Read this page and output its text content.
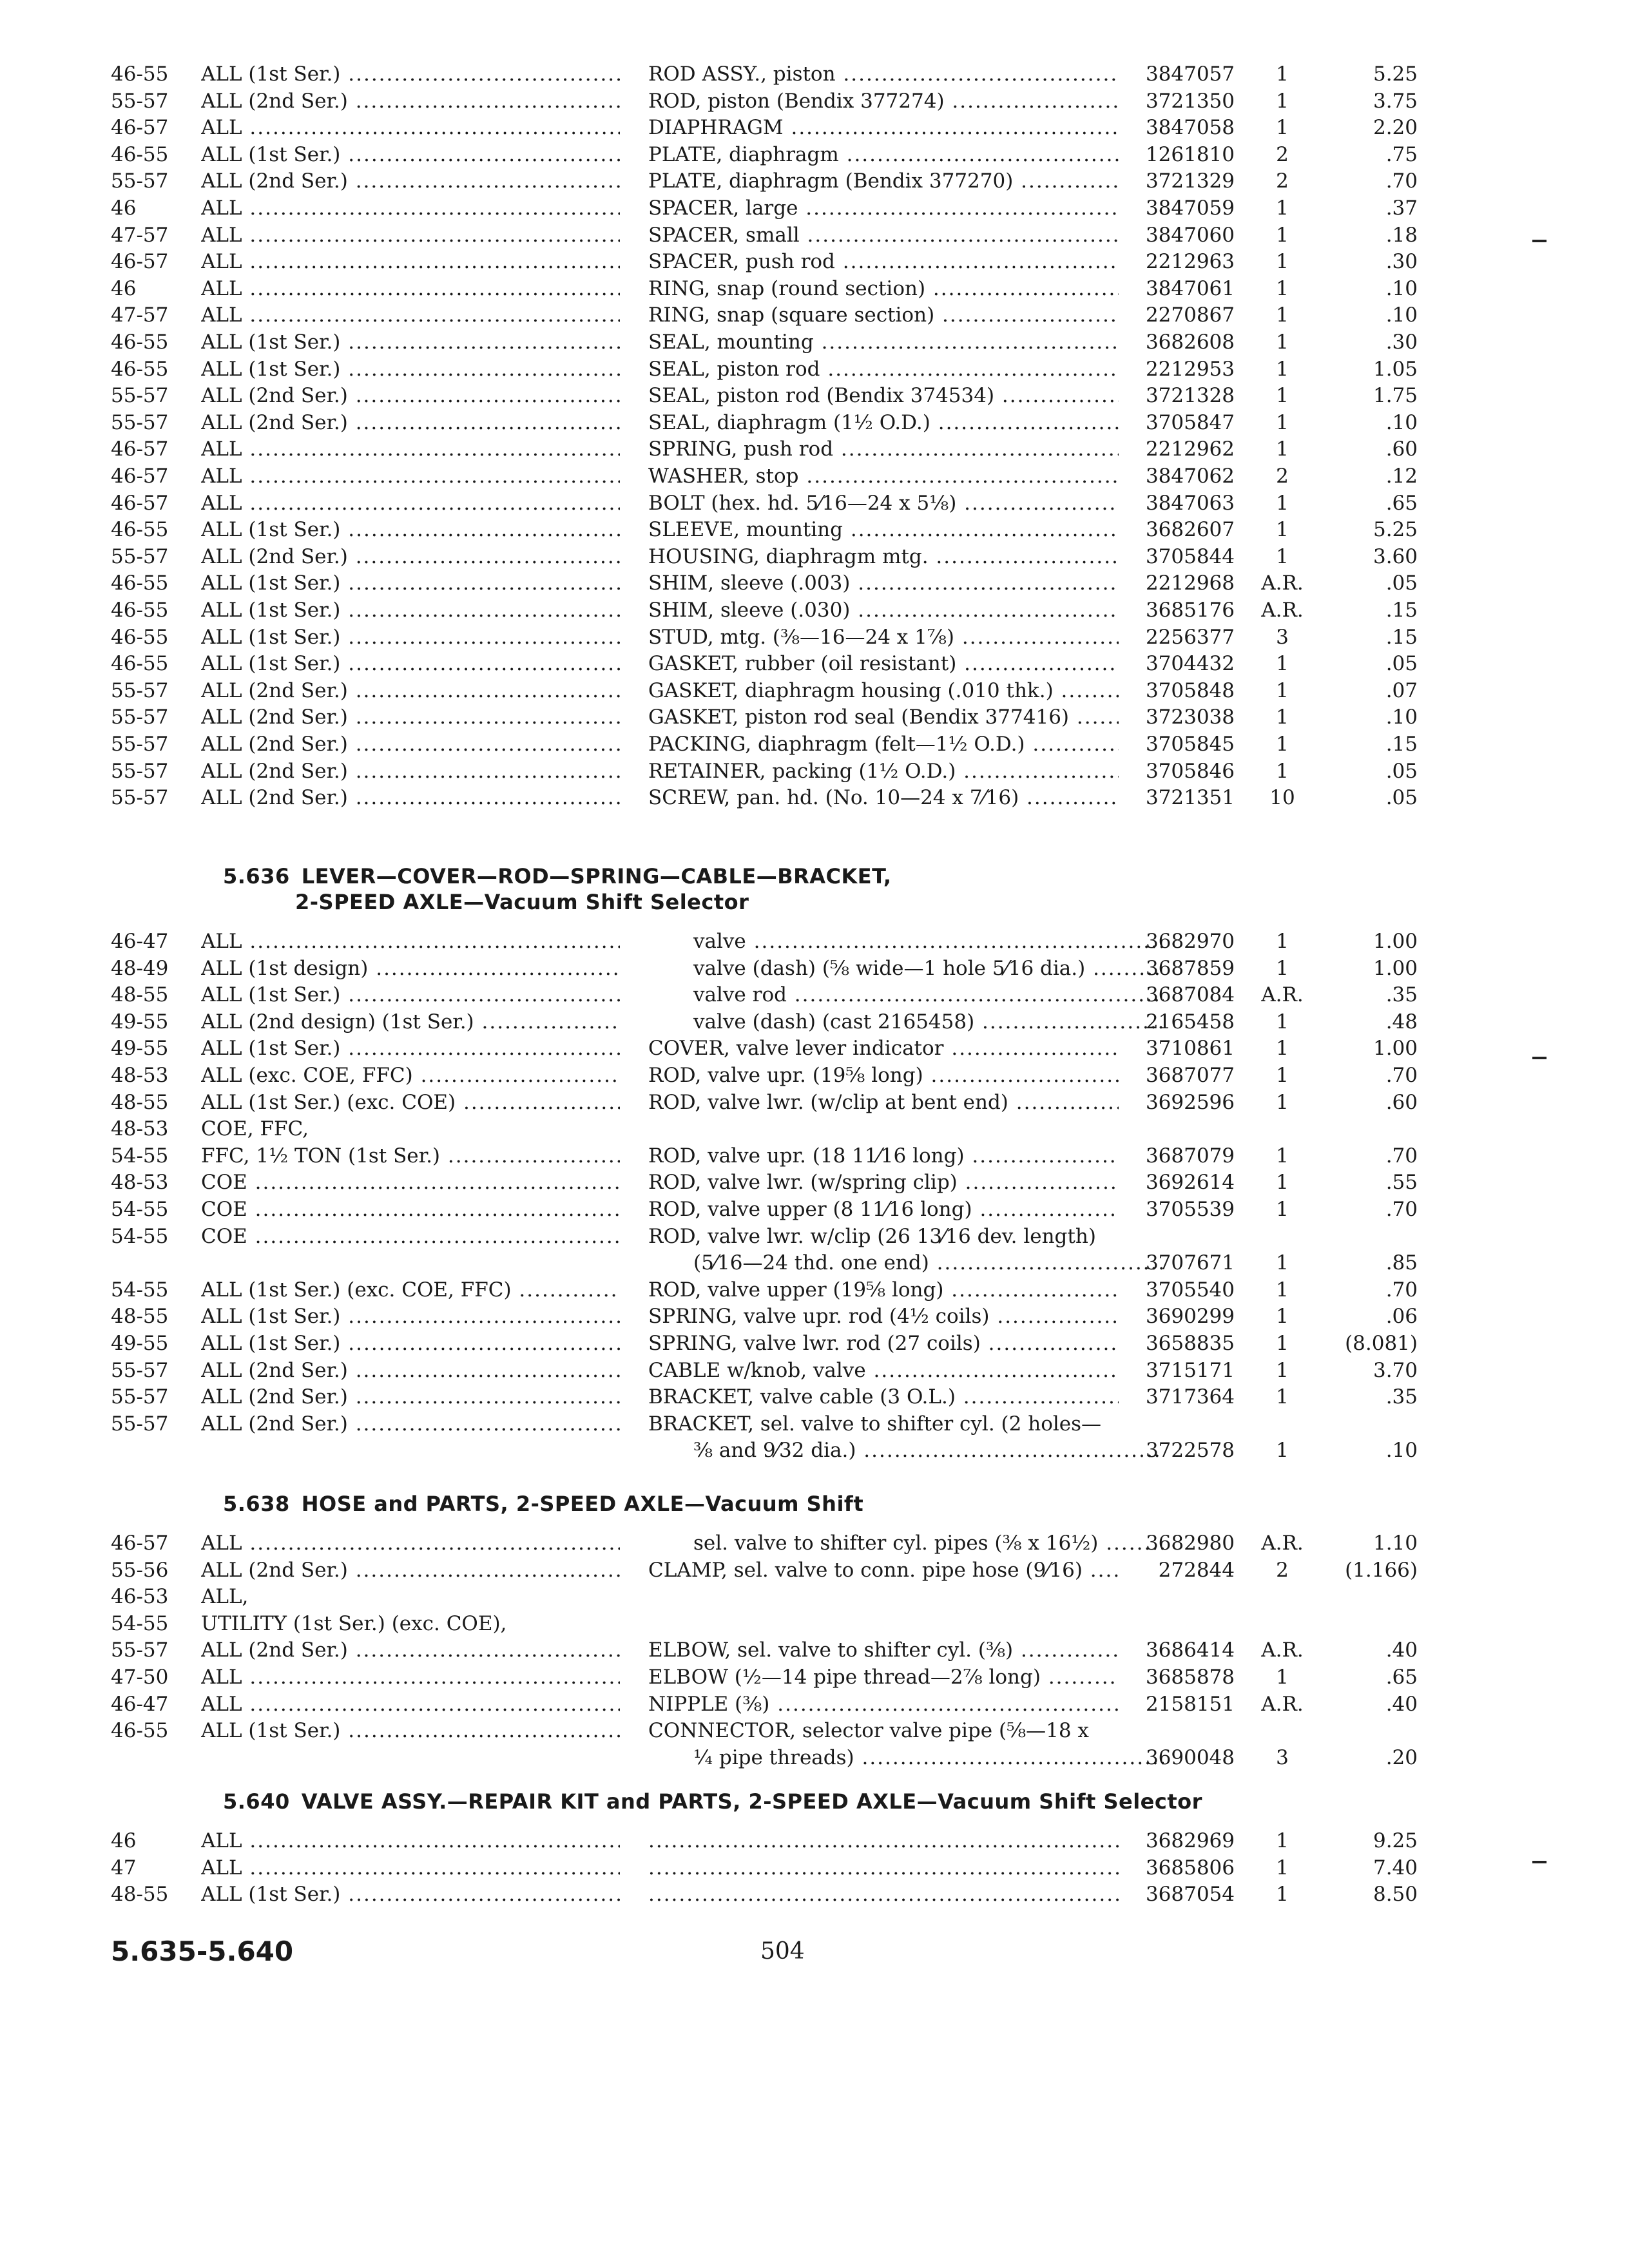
46-55	ALL (1st Ser.) .....	ROD ASSY., piston .....	3847057	1	5.25
55-57	ALL (2nd Ser.) .....	ROD, piston (Bendix 377274) .....	3721350	1	3.75
46-57	ALL .....	DIAPHRAGM .....	3847058	1	2.20
46-55	ALL (1st Ser.) .....	PLATE, diaphragm .....	1261810	2	.75
55-57	ALL (2nd Ser.) .....	PLATE, diaphragm (Bendix 377270) .....	3721329	2	.70
46	ALL .....	SPACER, large .....	3847059	1	.37
47-57	ALL .....	SPACER, small .....	3847060	1	.18
46-57	ALL .....	SPACER, push rod .....	2212963	1	.30
46	ALL .....	RING, snap (round section) .....	3847061	1	.10
47-57	ALL .....	RING, snap (square section) .....	2270867	1	.10
46-55	ALL (1st Ser.) .....	SEAL, mounting .....	3682608	1	.30
46-55	ALL (1st Ser.) .....	SEAL, piston rod .....	2212953	1	1.05
55-57	ALL (2nd Ser.) .....	SEAL, piston rod (Bendix 374534) .....	3721328	1	1.75
55-57	ALL (2nd Ser.) .....	SEAL, diaphragm (1½ O.D.) .....	3705847	1	.10
46-57	ALL .....	SPRING, push rod .....	2212962	1	.60
46-57	ALL .....	WASHER, stop .....	3847062	2	.12
46-57	ALL .....	BOLT (hex. hd. 5⁄16—24 x 5⅛) .....	3847063	1	.65
46-55	ALL (1st Ser.) .....	SLEEVE, mounting .....	3682607	1	5.25
55-57	ALL (2nd Ser.) .....	HOUSING, diaphragm mtg. .....	3705844	1	3.60
46-55	ALL (1st Ser.) .....	SHIM, sleeve (.003) .....	2212968	A.R.	.05
46-55	ALL (1st Ser.) .....	SHIM, sleeve (.030) .....	3685176	A.R.	.15
46-55	ALL (1st Ser.) .....	STUD, mtg. (⅜—16—24 x 1⅞) .....	2256377	3	.15
46-55	ALL (1st Ser.) .....	GASKET, rubber (oil resistant) .....	3704432	1	.05
55-57	ALL (2nd Ser.) .....	GASKET, diaphragm housing (.010 thk.) .....	3705848	1	.07
55-57	ALL (2nd Ser.) .....	GASKET, piston rod seal (Bendix 377416) .....	3723038	1	.10
55-57	ALL (2nd Ser.) .....	PACKING, diaphragm (felt—1½ O.D.) .....	3705845	1	.15
55-57	ALL (2nd Ser.) .....	RETAINER, packing (1½ O.D.) .....	3705846	1	.05
55-57	ALL (2nd Ser.) .....	SCREW, pan. hd. (No. 10—24 x 7⁄16) .....	3721351	10	.05
5.636 LEVER—COVER—ROD—SPRING—CABLE—BRACKET,
2-SPEED AXLE—Vacuum Shift Selector
46-47	ALL .....	valve .....	3682970	1	1.00
48-49	ALL (1st design) .....	valve (dash) (⅝ wide—1 hole 5⁄16 dia.) .....	3687859	1	1.00
48-55	ALL (1st Ser.) .....	valve rod .....	3687084	A.R.	.35
49-55	ALL (2nd design) (1st Ser.) .....	valve (dash) (cast 2165458) .....	2165458	1	.48
49-55	ALL (1st Ser.) .....	COVER, valve lever indicator .....	3710861	1	1.00
48-53	ALL (exc. COE, FFC) .....	ROD, valve upr. (19⅝ long) .....	3687077	1	.70
48-55	ALL (1st Ser.) (exc. COE) .....	ROD, valve lwr. (w/clip at bent end) .....	3692596	1	.60
48-53	COE, FFC,
54-55	FFC, 1½ TON (1st Ser.) .....	ROD, valve upr. (18 11⁄16 long) .....	3687079	1	.70
48-53	COE .....	ROD, valve lwr. (w/spring clip) .....	3692614	1	.55
54-55	COE .....	ROD, valve upper (8 11⁄16 long) .....	3705539	1	.70
54-55	COE .....	ROD, valve lwr. w/clip (26 13⁄16 dev. length)
(5⁄16—24 thd. one end) .....	3707671	1	.85
54-55	ALL (1st Ser.) (exc. COE, FFC) .....	ROD, valve upper (19⅝ long) .....	3705540	1	.70
48-55	ALL (1st Ser.) .....	SPRING, valve upr. rod (4½ coils) .....	3690299	1	.06
49-55	ALL (1st Ser.) .....	SPRING, valve lwr. rod (27 coils) .....	3658835	1	(8.081)
55-57	ALL (2nd Ser.) .....	CABLE w/knob, valve .....	3715171	1	3.70
55-57	ALL (2nd Ser.) .....	BRACKET, valve cable (3 O.L.) .....	3717364	1	.35
55-57	ALL (2nd Ser.) .....	BRACKET, sel. valve to shifter cyl. (2 holes—
⅜ and 9⁄32 dia.) .....	3722578	1	.10
5.638 HOSE and PARTS, 2-SPEED AXLE—Vacuum Shift
46-57	ALL .....	sel. valve to shifter cyl. pipes (⅜ x 16½) .....	3682980	A.R.	1.10
55-56	ALL (2nd Ser.) .....	CLAMP, sel. valve to conn. pipe hose (9⁄16) .....	272844	2	(1.166)
46-53	ALL,
54-55	UTILITY (1st Ser.) (exc. COE),
55-57	ALL (2nd Ser.) .....	ELBOW, sel. valve to shifter cyl. (⅜) .....	3686414	A.R.	.40
47-50	ALL .....	ELBOW (½—14 pipe thread—2⅞ long) .....	3685878	1	.65
46-47	ALL .....	NIPPLE (⅜) .....	2158151	A.R.	.40
46-55	ALL (1st Ser.) .....	CONNECTOR, selector valve pipe (⅝—18 x
¼ pipe threads) .....	3690048	3	.20
5.640 VALVE ASSY.—REPAIR KIT and PARTS, 2-SPEED AXLE—Vacuum Shift Selector
46	ALL ..... .....	3682969	1	9.25
47	ALL ..... .....	3685806	1	7.40
48-55	ALL (1st Ser.) ..... .....	3687054	1	8.50
5.635-5.640	504
